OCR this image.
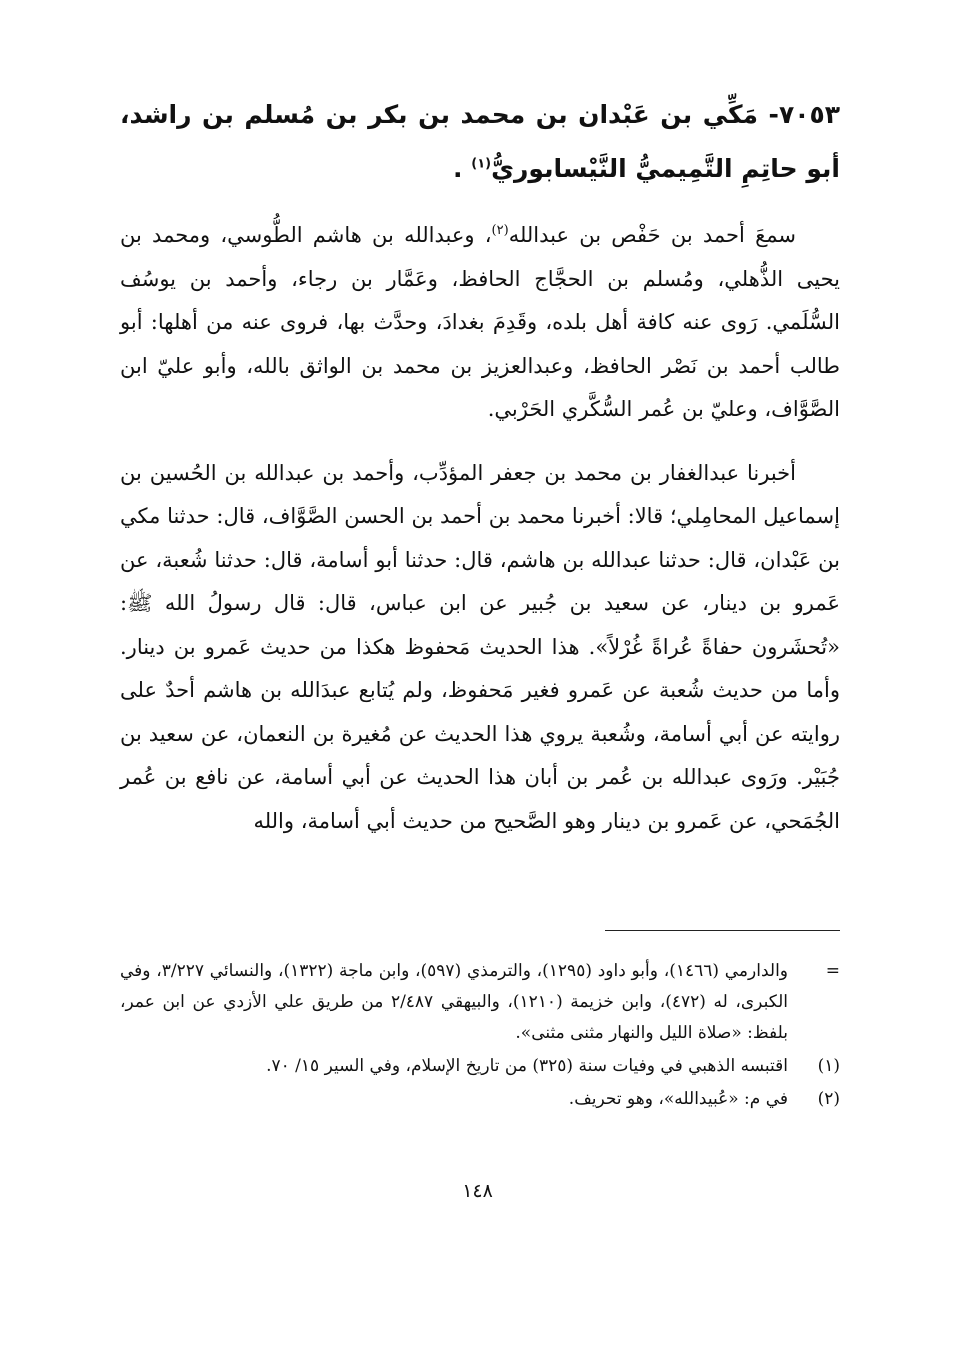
٧٠٥٣- مَكِّي بن عَبْدان بن محمد بن بكر بن مُسلم بن راشد، أبو حاتِمِ التَّمِيميُّ النَّيْسابوريُّ$^{(١)}$ .

سمعَ أحمد بن حَفْص بن عبدالله$^{(٢)}$، وعبدالله بن هاشم الطُّوسي، ومحمد بن يحيى الذُّهلي، ومُسلم بن الحجَّاج الحافظ، وعَمَّار بن رجاء، وأحمد بن يوسُف السُّلَمي. رَوى عنه كافة أهل بلده، وقَدِمَ بغدادَ، وحدَّث بها، فروى عنه من أهلها: أبو طالب أحمد بن نَصْر الحافظ، وعبدالعزيز بن محمد بن الواثق بالله، وأبو عليّ ابن الصَّوَّاف، وعليّ بن عُمر السُّكَّري الحَرْبي.

أخبرنا عبدالغفار بن محمد بن جعفر المؤدِّب، وأحمد بن عبدالله بن الحُسين بن إسماعيل المحامِلي؛ قالا: أخبرنا محمد بن أحمد بن الحسن الصَّوَّاف، قال: حدثنا مكي بن عَبْدان، قال: حدثنا عبدالله بن هاشم، قال: حدثنا أبو أسامة، قال: حدثنا شُعبة، عن عَمرو بن دينار، عن سعيد بن جُبير عن ابن عباس، قال: قال رسولُ الله ﷺ: «تُحشَرون حفاةً عُراةً غُرْلاً». هذا الحديث مَحفوظ هكذا من حديث عَمرو بن دينار. وأما من حديث شُعبة عن عَمرو فغير مَحفوظ، ولم يُتابع عبدَالله بن هاشم أحدٌ على روايته عن أبي أسامة، وشُعبة يروي هذا الحديث عن مُغيرة بن النعمان، عن سعيد بن جُبَيْر. ورَوى عبدالله بن عُمر بن أبان هذا الحديث عن أبي أسامة، عن نافع بن عُمر الجُمَحي، عن عَمرو بن دينار وهو الصَّحيح من حديث أبي أسامة، والله

=
والدارمي (١٤٦٦)، وأبو داود (١٢٩٥)، والترمذي (٥٩٧)، وابن ماجة (١٣٢٢)، والنسائي ٣/٢٢٧، وفي الكبرى، له (٤٧٢)، وابن خزيمة (١٢١٠)، والبيهقي ٢/٤٨٧ من طريق علي الأزدي عن ابن عمر، بلفظ: «صلاة الليل والنهار مثنى مثنى».
(١)
اقتبسه الذهبي في وفيات سنة (٣٢٥) من تاريخ الإسلام، وفي السير ١٥/ ٧٠.
(٢)
في م: «عُبيدالله»، وهو تحريف.
١٤٨
